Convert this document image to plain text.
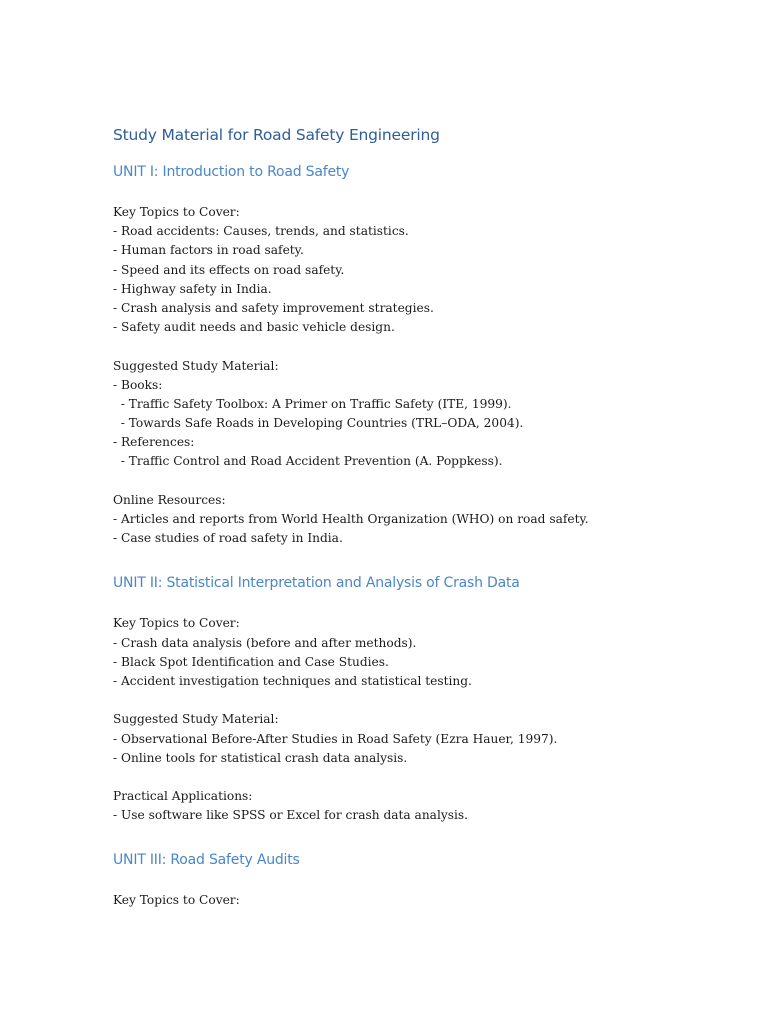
Study Material for Road Safety Engineering
UNIT I: Introduction to Road Safety

Key Topics to Cover:
- Road accidents: Causes, trends, and statistics.
- Human factors in road safety.
- Speed and its effects on road safety.
- Highway safety in India.
- Crash analysis and safety improvement strategies.
- Safety audit needs and basic vehicle design.

Suggested Study Material:
- Books:
- Traffic Safety Toolbox: A Primer on Traffic Safety (ITE, 1999).
- Towards Safe Roads in Developing Countries (TRL–ODA, 2004).
- References:
- Traffic Control and Road Accident Prevention (A. Poppkess).

Online Resources:
- Articles and reports from World Health Organization (WHO) on road safety.
- Case studies of road safety in India.

UNIT II: Statistical Interpretation and Analysis of Crash Data

Key Topics to Cover:
- Crash data analysis (before and after methods).
- Black Spot Identification and Case Studies.
- Accident investigation techniques and statistical testing.

Suggested Study Material:
- Observational Before-After Studies in Road Safety (Ezra Hauer, 1997).
- Online tools for statistical crash data analysis.

Practical Applications:
- Use software like SPSS or Excel for crash data analysis.

UNIT III: Road Safety Audits

Key Topics to Cover:
